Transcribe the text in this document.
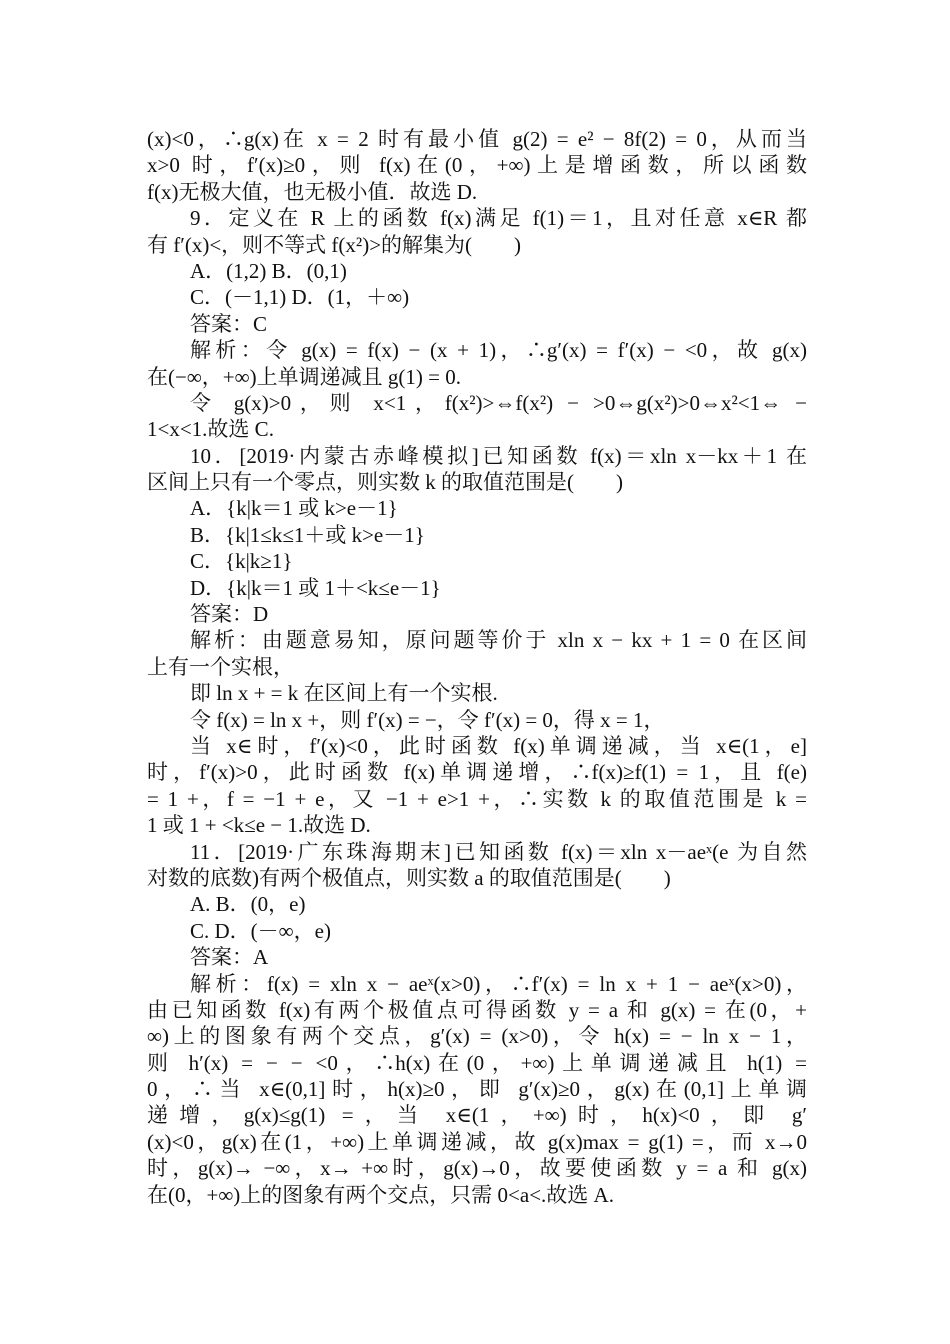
(x)<0，∴g(x)在 x = 2 时有最小值 g(2) = e² − 8f(2) = 0，从而当
x>0 时，f′(x)≥0，则 f(x)在(0，+∞)上是增函数，所以函数
f(x)无极大值，也无极小值．故选 D.
9．定义在 R 上的函数 f(x)满足 f(1)＝1，且对任意 x∈R 都
有 f′(x)<，则不等式 f(x²)>的解集为(　　)
A．(1,2) B．(0,1)
C．(－1,1) D．(1，＋∞)
答案：C
解析：令 g(x) = f(x) − (x + 1)，∴g′(x) = f′(x) − <0，故 g(x)
在(−∞，+∞)上单调递减且 g(1) = 0.
令 g(x)>0，则 x<1，f(x²)>⇔f(x²) − >0⇔g(x²)>0⇔x²<1⇔ −
1<x<1.故选 C.
10．[2019·内蒙古赤峰模拟]已知函数 f(x)＝xln x－kx＋1 在
区间上只有一个零点，则实数 k 的取值范围是(　　)
A．{k|k＝1 或 k>e－1}
B．{k|1≤k≤1＋或 k>e－1}
C．{k|k≥1}
D．{k|k＝1 或 1＋<k≤e－1}
答案：D
解析：由题意易知，原问题等价于 xln x − kx + 1 = 0 在区间
上有一个实根，
即 ln x + = k 在区间上有一个实根.
令 f(x) = ln x +，则 f′(x) = −，令 f′(x) = 0，得 x = 1，
当 x∈时，f′(x)<0，此时函数 f(x)单调递减，当 x∈(1，e]
时，f′(x)>0，此时函数 f(x)单调递增，∴f(x)≥f(1) = 1，且 f(e)
= 1 +，f = −1 + e，又 −1 + e>1 +，∴实数 k 的取值范围是 k =
1 或 1 + <k≤e − 1.故选 D.
11．[2019·广东珠海期末]已知函数 f(x)＝xln x－aeˣ(e 为自然
对数的底数)有两个极值点，则实数 a 的取值范围是(　　)
A. B．(0，e)
C. D．(－∞，e)
答案：A
解析：f(x) = xln x − aeˣ(x>0)，∴f′(x) = ln x + 1 − aeˣ(x>0)，
由已知函数 f(x)有两个极值点可得函数 y = a 和 g(x) = 在(0，+
∞)上的图象有两个交点，g′(x) = (x>0)，令 h(x) = − ln x − 1，
则 h′(x) = − − <0，∴h(x)在(0，+∞)上单调递减且 h(1) =
0，∴当 x∈(0,1]时，h(x)≥0，即 g′(x)≥0，g(x)在(0,1]上单调
递增，g(x)≤g(1) =，当 x∈(1，+∞)时，h(x)<0，即 g′
(x)<0，g(x)在(1，+∞)上单调递减，故 g(x)max = g(1) =，而 x→0
时，g(x)→ −∞，x→ +∞时，g(x)→0，故要使函数 y = a 和 g(x)
在(0，+∞)上的图象有两个交点，只需 0<a<.故选 A.
